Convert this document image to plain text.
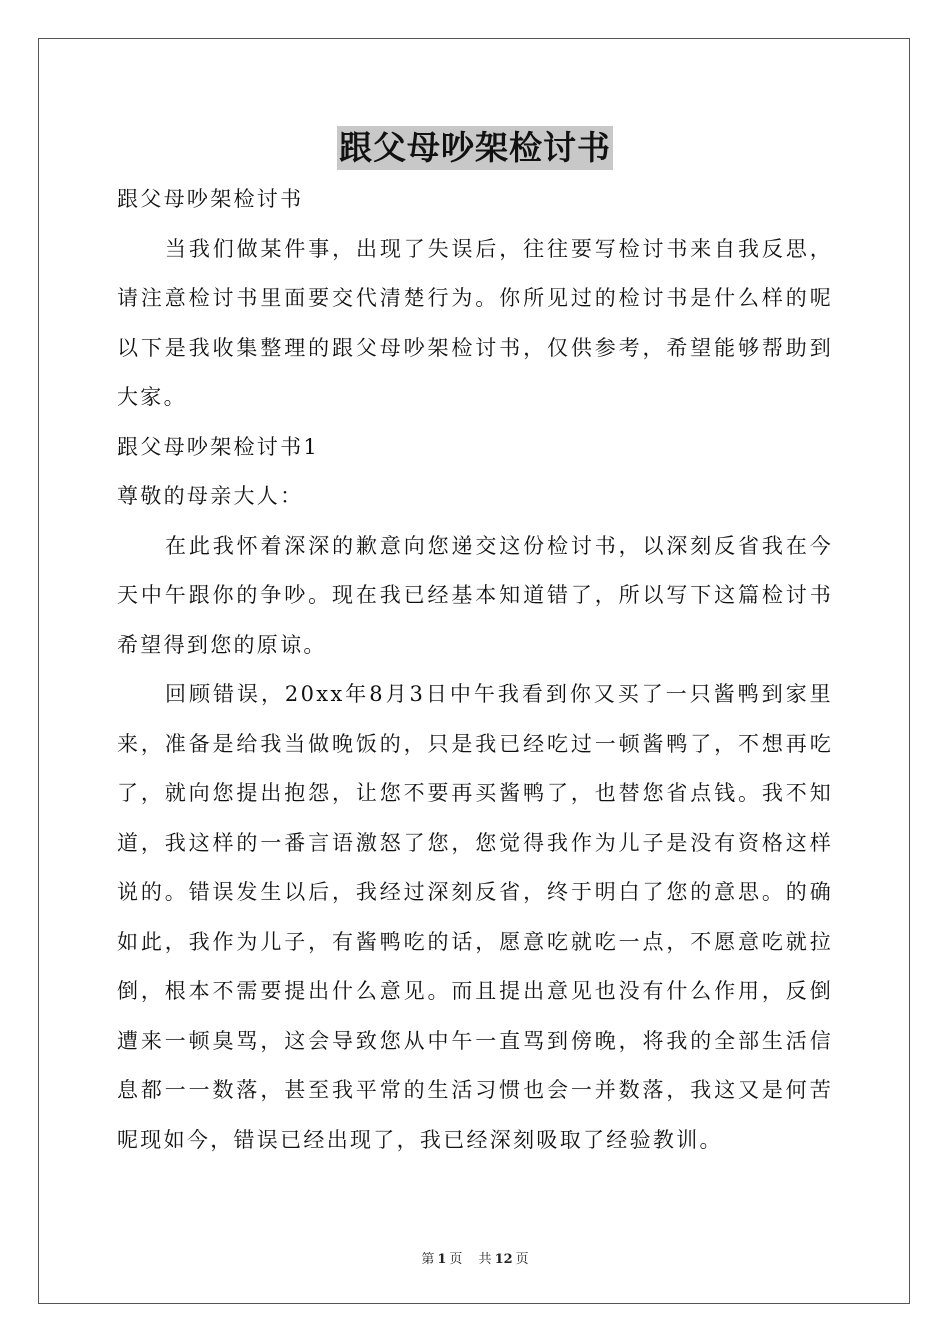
跟父母吵架检讨书

跟父母吵架检讨书

当我们做某件事，出现了失误后，往往要写检讨书来自我反思，请注意检讨书里面要交代清楚行为。你所见过的检讨书是什么样的呢以下是我收集整理的跟父母吵架检讨书，仅供参考，希望能够帮助到大家。

跟父母吵架检讨书1

尊敬的母亲大人：

在此我怀着深深的歉意向您递交这份检讨书，以深刻反省我在今天中午跟你的争吵。现在我已经基本知道错了，所以写下这篇检讨书希望得到您的原谅。

回顾错误，20xx年8月3日中午我看到你又买了一只酱鸭到家里来，准备是给我当做晚饭的，只是我已经吃过一顿酱鸭了，不想再吃了，就向您提出抱怨，让您不要再买酱鸭了，也替您省点钱。我不知道，我这样的一番言语激怒了您，您觉得我作为儿子是没有资格这样说的。错误发生以后，我经过深刻反省，终于明白了您的意思。的确如此，我作为儿子，有酱鸭吃的话，愿意吃就吃一点，不愿意吃就拉倒，根本不需要提出什么意见。而且提出意见也没有什么作用，反倒遭来一顿臭骂，这会导致您从中午一直骂到傍晚，将我的全部生活信息都一一数落，甚至我平常的生活习惯也会一并数落，我这又是何苦呢现如今，错误已经出现了，我已经深刻吸取了经验教训。

第 1 页 共 12 页
